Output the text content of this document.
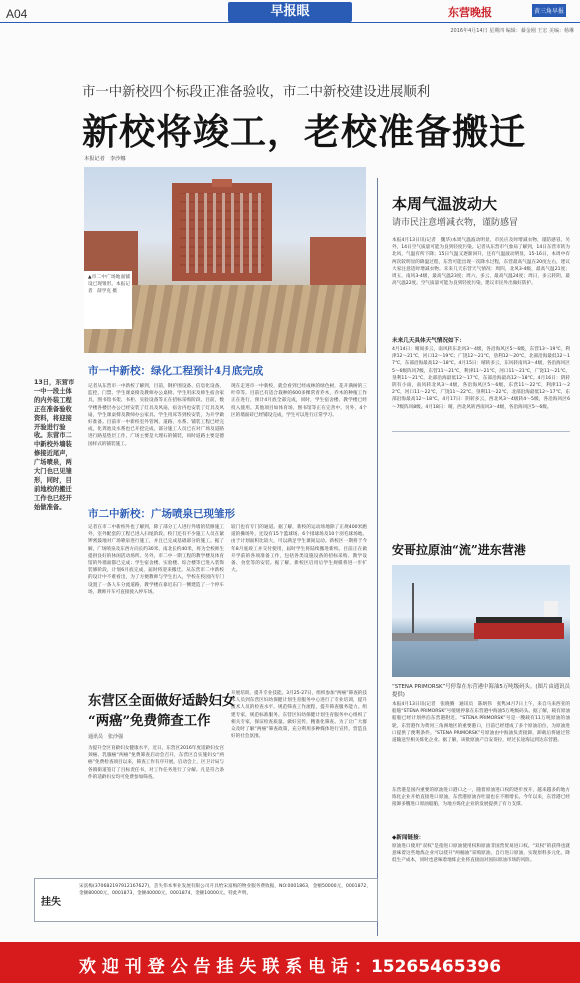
A04	早报眼	东营晚报	黄三角早报
2016年4月14日 星期四 编辑：綦金刚 王宏 美编：杨琳
市一中新校四个标段正准备验收，市二中新校建设进展顺利
新校将竣工，老校准备搬迁
本报记者　李沙娜
▲市二中广场地面铺设已现雏形。本报记者　薛学克 摄
13日，东营市一中一段土体的内外装工程正在准备验收资料，将迎接开验进行验收。东营市二中新校外墙装修接近尾声，广场喷泉，两大门也已见雏形，同时，目前地校的搬迁工作也已经开始做准备。
市一中新校：绿化工程预计4月底完成
记者从东营市一中新校了解到，目前，钢护围设备、信息化设备、监控、门禁、学生课桌椅及教师办公桌椅、学生用床及师生宿舍家具，图书馆书架、书柜、实验设备等正在招标采购阶段。目前，数学楼各楼层办公已经安装了灯具及风扇，宿舍内也安装了灯具及风扇，学生课桌椅及教师办公家具、学生用床等到校安装，为开学做好准备。目前市一中新校室外管网、道路、水系、铺装工程已经完成，化粪池及水系也已开挖完成，部分施工人员已在对广场及道路进行路基垫层工作，广场主要是大理石的铺装，同时道路主要是德国样式的铺装施工。
现在走进市一中新校，就会看到已经成林的绿色树，花开满树的三叶草等。目前已有适合栽种的600多棵常青乔木，乔木的种植工作正在进行，预计4月底全部完成，同时，学生宿舍楼、教学楼已经投入使用。其他项目如体育场、图书馆等正在完善中。另外，4个区的墙面砖已经铺设完成，学生可以进行正常学习。
市二中新校：广场喷泉已现雏形
记者在市二中新校外也了解到，除了部分工人进行外墙的装修施工外，室外配套的工程已进入扫尾阶段。校门还有不少施工人员在紧锣密鼓地对广场喷泉进行施工，并且已完成基础部分的施工。据了解，广场喷泉及东西方向长约30米、南北长约40米，将为全校师生提供良好的休闲活动场所。另外，市二中一期工程的教学楼及体育馆的外墙面都已完成；学生宿舍楼、实验楼、综合楼等已进入装饰装修阶段，计划6月底完成，届时将迎来搬迁。从东营市二中新校的设计中不难看出，为了方便教师与学生出入，学校在校园内专门设置了一条人车分流道路，教学楼在靠近东门一侧建造了一个停车场，教师开车可直接驶入停车场。
较门也有专门的通道。据了解，新校的运动场地除了正规400米跑道的操场外，还设有15个篮球场、6个排球场及10个羽毛球场地。由于计划面积比较大，可以满足学生课间运动。新校区一期将于今年8月底竣工并交付使用，届时学生将陆续搬进新校。目前正在做开学前的各项准备工作，包括各类设施设备的招标采购、教学设备、食堂等的安装。据了解，新校区启用后学生规模将进一步扩大。
本周气温波动大
请市民注意增减衣物，谨防感冒
本报4月13日讯(记者　魏华)本周气温波动明显，市民应及时增减衣物，谨防感冒。另外，14日空气质量可能为良到轻度污染。记者从东营市气象局了解到，14日东营市转为北风，气温有所下降；15日气温又逐渐回升，还有气温波动明显，15-16日，本周中有两次较明显的降温过程，东营可能出现一次降水过程，东营最高气温在20度左右，建议大家注意适时增减衣物。未来几天东营天气情况：周四，北风3-4级，最高气温21度；周五，南风3-4级，最高气温23度；周六，多云，最高气温24度；周日，多云转阴，最高气温22度。空气质量可能为良到轻度污染，建议市民外出做好防护。
未来几天具体天气情况如下：
4月14日：晴间多云，南风转东北风3～4级，各沿海风区5～6级，东营13～19℃，利津12～21℃，河口12～19℃；广饶12～21℃，垦利12～20℃，北部沿海最低12～17℃，东部沿海最高12～18℃。4月15日：晴转多云，东风转南风3～4级，各沿海风区5～6级阵风7级，东营11～21℃，利津11～21℃，河口11～21℃，广饶11～21℃，垦利11～21℃，北部沿海最低12～17℃，东部沿海最高12～18℃。4月16日：阴转阴有小雨，南风转北风3～4级，各沿海风区5～6级，东营11～22℃，利津11～22℃，河口11～22℃，广饶11～22℃，垦利11～22℃，北部沿海最低12～17℃，东部沿海最高12～18℃。4月17日：阴转多云，西北风3～4级转4～5级，各沿海风区6～7级阵风8级。4月18日：晴，西北风转西南风3～4级，各沿海风区5～6级。
安哥拉原油“流”进东营港
“STENA PRIMORSK”号停靠在东营港中海油5万吨级码头。(图片由通讯员提供)
本报4月13日讯(记者　张晓腾　通讯员　陈炳伟　张隽)4月7日上午，来自马来西亚的船舶“STENA PRIMORSK”号缓缓停靠在东营港中海油5万吨级码头。据了解，载有原油船舶已经计划停泊东营港附近。“STENA PRIMORSK”号是一艘载有11万吨原油的油轮，东营港作为黄河三角洲地区的重要港口，目前已经建成了多个原油泊位，为原油进口提供了便利条件。“STENA PRIMORSK”号原油由中海油负责接卸，卸载后将通过管道输送至相关炼化企业。据了解，该批原油产自安哥拉，经过长途海运到达东营港。
东营港是国内重要的原油进口港口之一，随着原油进口权的逐步放开，越来越多的地方炼化企业开始直接进口原油，东营港原油吞吐量也在不断增长。今年以来，东营港已经接卸多艘进口原油船舶，为地方炼化企业的发展提供了有力支撑。
◆新闻链接：
原油进口使用“双权”是指进口原油使用权和原油非国营贸易进口权。“双权”的获得也就意味着这些地炼企业可以绕开“两桶油”采购原油，自行进口原油，实现原料多元化，降低生产成本，同时也意味着地炼企业将直接面对国际原油市场的风险。
东营区全面做好适龄妇女
“两癌”免费筛查工作
通讯员　张沙强
为提升全区育龄妇女健康水平，近日，东营区2016年度适龄妇女宫颈癌、乳腺癌“两癌”免费筛查启动会召开，东营区自实施妇女“两癌”免费检查项目以来，筛查工作有序开展。启动会上，区卫计局与各镇街道签订了目标责任书，对工作任务进行了分解。凡是符合条件的适龄妇女均可免费参加筛查。
开展培训，提升专业技能。3月25-27日，组织参加“两癌”筛查的技术人员到东营区妇幼保健计划生育服务中心进行了专业培训，提升技术人员的检查水平。规范筛查工作流程，提升筛查服务能力。组建专家，规范标准服务。东营区妇幼保健计划生育服务中心组织了相关专家，保证检查质量。做好宣传，精准化筛查。为了让广大群众及时了解“两癌”筛查政策，充分利用多种媒体进行宣传，营造良好的社会氛围。
挂失
宋富梅(370682197912167627)，丢失伟本事业发展有限公司开具给宋富梅的物业服务费收据，NO:0001863，金额50000元，0001872，金额80000元，0001873，金额40000元，0001874，金额10000元。特此声明。
欢 迎 刊 登 公 告 挂 失 联 系 电 话 ：15265465396
